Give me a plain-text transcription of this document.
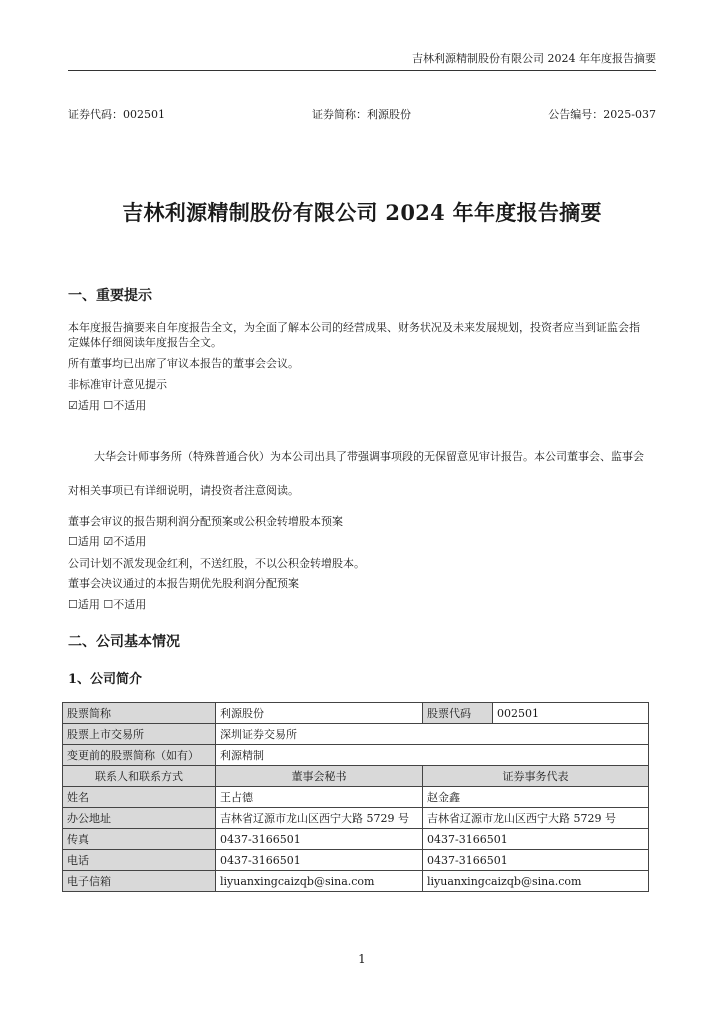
吉林利源精制股份有限公司 2024 年年度报告摘要
证券代码：002501	证券简称：利源股份	公告编号：2025-037
吉林利源精制股份有限公司 2024 年年度报告摘要
一、重要提示
本年度报告摘要来自年度报告全文，为全面了解本公司的经营成果、财务状况及未来发展规划，投资者应当到证监会指定媒体仔细阅读年度报告全文。
所有董事均已出席了审议本报告的董事会会议。
非标准审计意见提示
☑适用 ☐不适用
大华会计师事务所（特殊普通合伙）为本公司出具了带强调事项段的无保留意见审计报告。本公司董事会、监事会
对相关事项已有详细说明，请投资者注意阅读。
董事会审议的报告期利润分配预案或公积金转增股本预案
☐适用 ☑不适用
公司计划不派发现金红利，不送红股，不以公积金转增股本。
董事会决议通过的本报告期优先股利润分配预案
☐适用 ☐不适用
二、公司基本情况
1、公司简介
股票简称	利源股份	股票代码	002501
股票上市交易所	深圳证券交易所		
变更前的股票简称（如有）	利源精制		
联系人和联系方式	董事会秘书	证券事务代表	
姓名	王占德	赵金鑫	
办公地址	吉林省辽源市龙山区西宁大路 5729 号	吉林省辽源市龙山区西宁大路 5729 号	
传真	0437-3166501	0437-3166501	
电话	0437-3166501	0437-3166501	
电子信箱	liyuanxingcaizqb@sina.com	liyuanxingcaizqb@sina.com	
1
